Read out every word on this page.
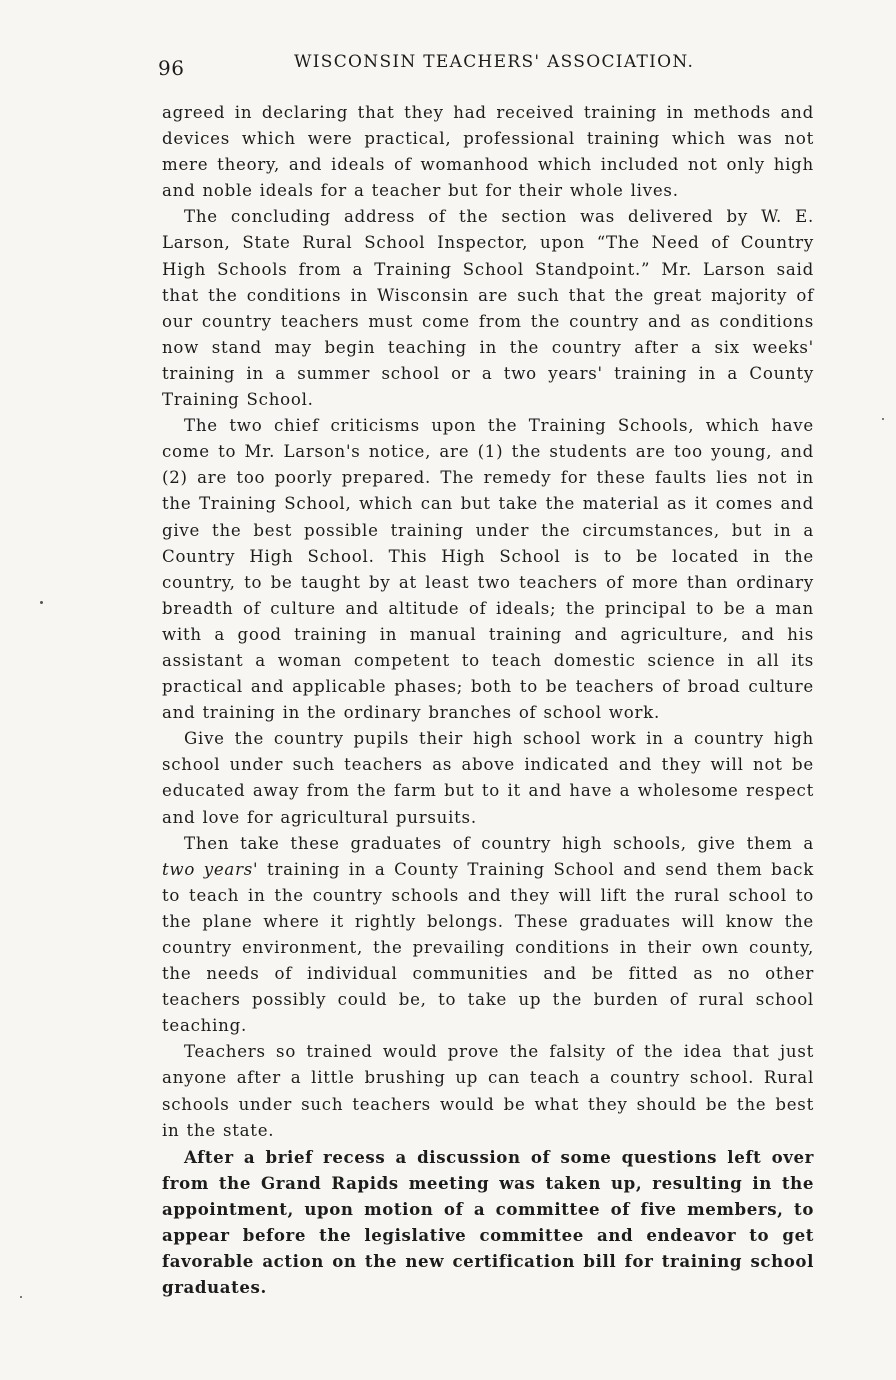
96	WISCONSIN TEACHERS' ASSOCIATION.

agreed in declaring that they had received training in methods and devices which were practical, professional training which was not mere theory, and ideals of womanhood which included not only high and noble ideals for a teacher but for their whole lives.

The concluding address of the section was delivered by W. E. Larson, State Rural School Inspector, upon “The Need of Country High Schools from a Training School Standpoint.” Mr. Larson said that the conditions in Wisconsin are such that the great majority of our country teachers must come from the country and as conditions now stand may begin teaching in the country after a six weeks' training in a summer school or a two years' training in a County Training School.

The two chief criticisms upon the Training Schools, which have come to Mr. Larson's notice, are (1) the students are too young, and (2) are too poorly prepared. The remedy for these faults lies not in the Training School, which can but take the material as it comes and give the best possible training under the circumstances, but in a Country High School. This High School is to be located in the country, to be taught by at least two teachers of more than ordinary breadth of culture and altitude of ideals; the principal to be a man with a good training in manual training and agriculture, and his assistant a woman competent to teach domestic science in all its practical and applicable phases; both to be teachers of broad culture and training in the ordinary branches of school work.

Give the country pupils their high school work in a country high school under such teachers as above indicated and they will not be educated away from the farm but to it and have a wholesome respect and love for agricultural pursuits.

Then take these graduates of country high schools, give them a two years' training in a County Training School and send them back to teach in the country schools and they will lift the rural school to the plane where it rightly belongs. These graduates will know the country environment, the prevailing conditions in their own county, the needs of individual communities and be fitted as no other teachers possibly could be, to take up the burden of rural school teaching.

Teachers so trained would prove the falsity of the idea that just anyone after a little brushing up can teach a country school. Rural schools under such teachers would be what they should be the best in the state.

After a brief recess a discussion of some questions left over from the Grand Rapids meeting was taken up, resulting in the appointment, upon motion of a committee of five members, to appear before the legislative committee and endeavor to get favorable action on the new certification bill for training school graduates.
